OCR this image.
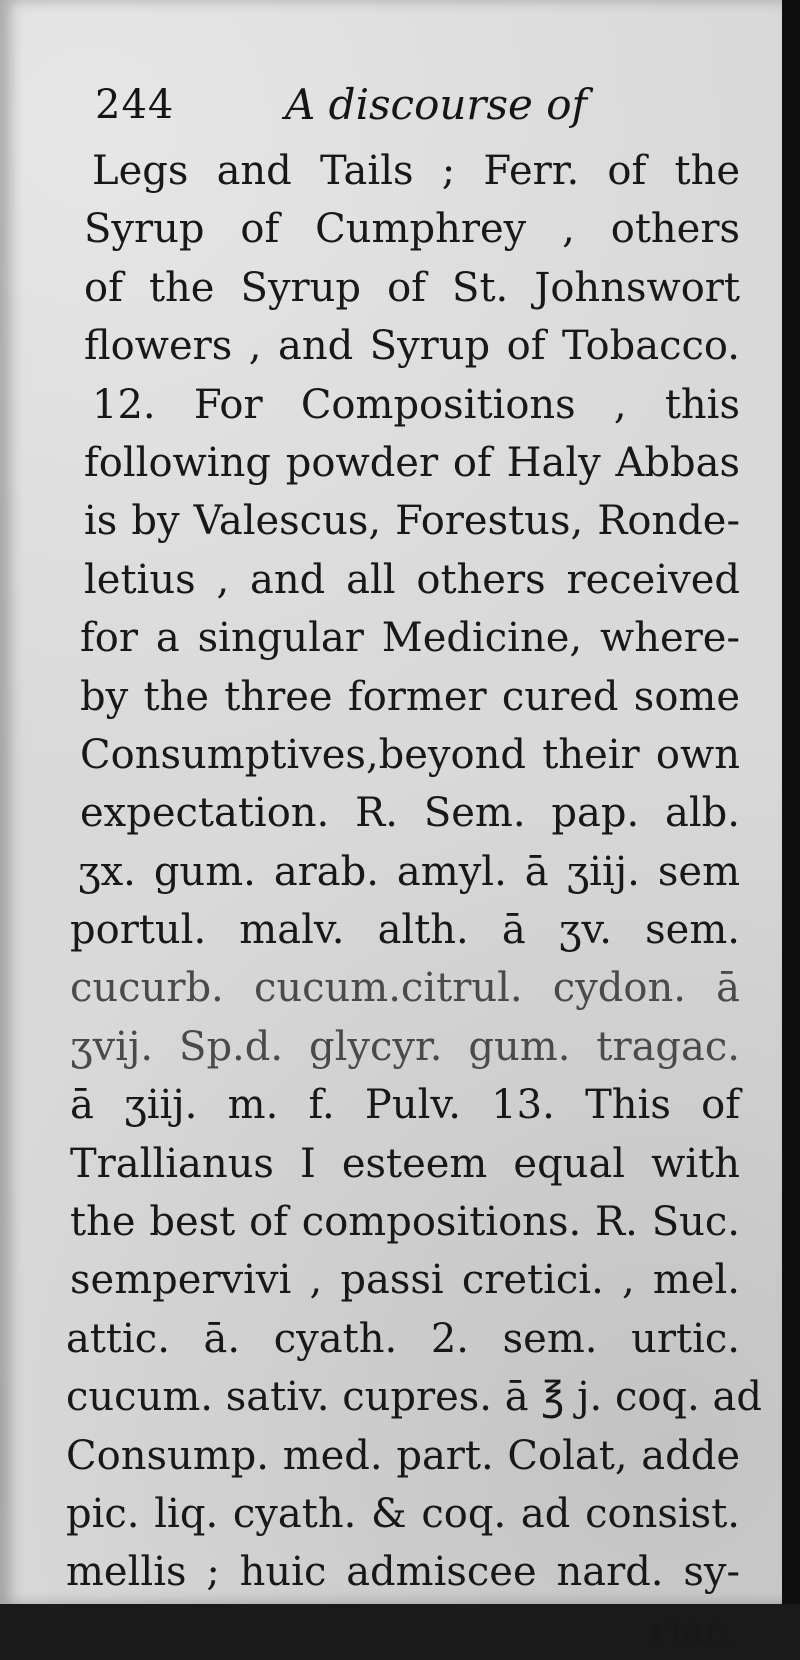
244	A discourse of
Legs and Tails ; Ferr. of the
Syrup of Cumphrey , others
of the Syrup of St. Johnswort
flowers , and Syrup of Tobacco.
12. For Compositions , this
following powder of Haly Abbas
is by Valescus, Forestus, Ronde-
letius , and all others received
for a singular Medicine, where-
by the three former cured some
Consumptives,beyond their own
expectation. R. Sem. pap. alb.
ʒx. gum. arab. amyl. ā ʒiij. sem
portul. malv. alth. ā ʒv. sem.
cucurb. cucum.citrul. cydon. ā
ʒvij. Sp.d. glycyr. gum. tragac.
ā ʒiij. m. f. Pulv. 13. This of
Trallianus I esteem equal with
the best of compositions. R. Suc.
sempervivi , passi cretici. , mel.
attic. ā. cyath. 2. sem. urtic.
cucum. sativ. cupres. ā ℥ j. coq. ad
Consump. med. part. Colat, adde
pic. liq. cyath. & coq. ad consist.
mellis ; huic admiscee nard. sy-
riac.
